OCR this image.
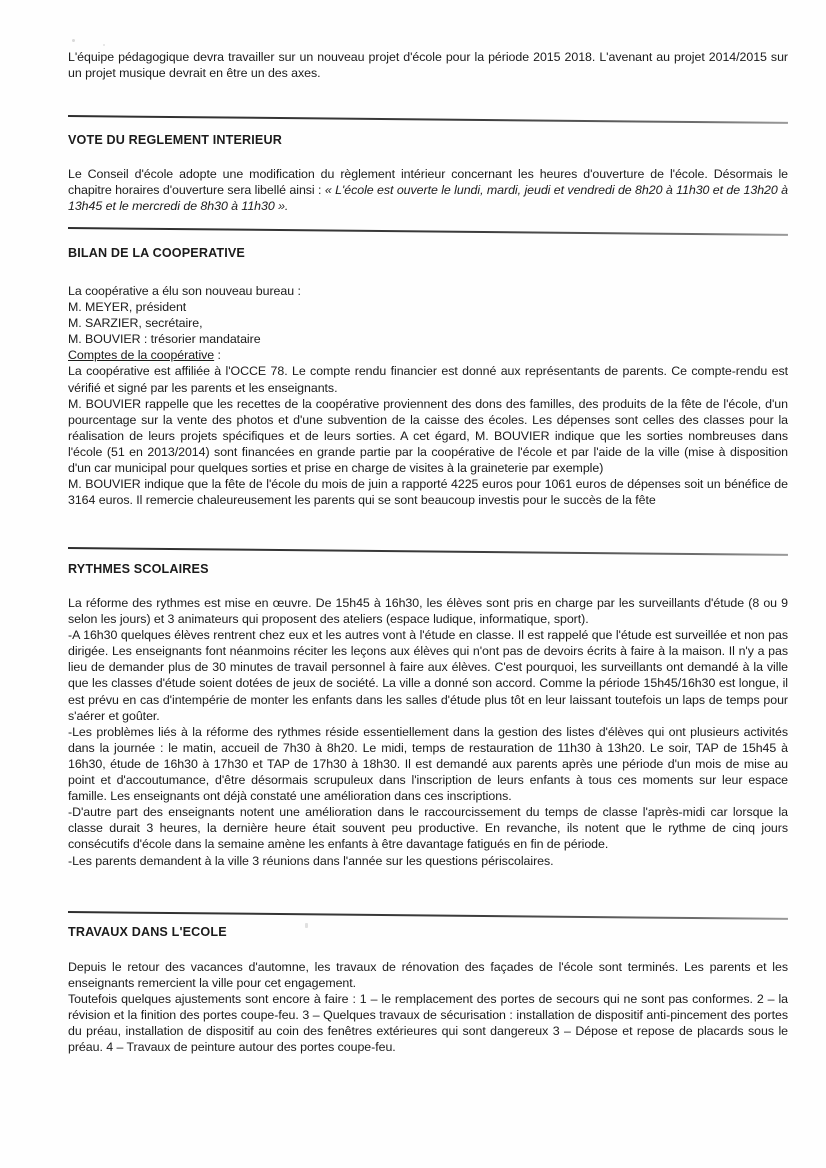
L'équipe pédagogique devra travailler sur un nouveau projet d'école pour la période 2015 2018. L'avenant au projet 2014/2015 sur un projet musique devrait en être un des axes.

VOTE DU REGLEMENT INTERIEUR

Le Conseil d'école adopte une modification du règlement intérieur concernant les heures d'ouverture de l'école. Désormais le chapitre horaires d'ouverture sera libellé ainsi : « L'école est ouverte le lundi, mardi, jeudi et vendredi de 8h20 à 11h30 et de 13h20 à 13h45 et le mercredi de 8h30 à 11h30 ».

BILAN DE LA COOPERATIVE

La coopérative a élu son nouveau bureau :

M. MEYER, président

M. SARZIER, secrétaire,

M. BOUVIER : trésorier mandataire

Comptes de la coopérative :

La coopérative est affiliée à l'OCCE 78. Le compte rendu financier est donné aux représentants de parents. Ce compte-rendu est vérifié et signé par les parents et les enseignants.

M. BOUVIER rappelle que les recettes de la coopérative proviennent des dons des familles, des produits de la fête de l'école, d'un pourcentage sur la vente des photos et d'une subvention de la caisse des écoles. Les dépenses sont celles des classes pour la réalisation de leurs projets spécifiques et de leurs sorties. A cet égard, M. BOUVIER indique que les sorties nombreuses dans l'école (51 en 2013/2014) sont financées en grande partie par la coopérative de l'école et par l'aide de la ville (mise à disposition d'un car municipal pour quelques sorties et prise en charge de visites à la graineterie par exemple)

M. BOUVIER indique que la fête de l'école du mois de juin a rapporté 4225 euros pour 1061 euros de dépenses soit un bénéfice de 3164 euros. Il remercie chaleureusement les parents qui se sont beaucoup investis pour le succès de la fête

RYTHMES SCOLAIRES

La réforme des rythmes est mise en œuvre. De 15h45 à 16h30, les élèves sont pris en charge par les surveillants d'étude (8 ou 9 selon les jours) et 3 animateurs qui proposent des ateliers (espace ludique, informatique, sport).

-A 16h30 quelques élèves rentrent chez eux et les autres vont à l'étude en classe. Il est rappelé que l'étude est surveillée et non pas dirigée. Les enseignants font néanmoins réciter les leçons aux élèves qui n'ont pas de devoirs écrits à faire à la maison. Il n'y a pas lieu de demander plus de 30 minutes de travail personnel à faire aux élèves. C'est pourquoi, les surveillants ont demandé à la ville que les classes d'étude soient dotées de jeux de société. La ville a donné son accord. Comme la période 15h45/16h30 est longue, il est prévu en cas d'intempérie de monter les enfants dans les salles d'étude plus tôt en leur laissant toutefois un laps de temps pour s'aérer et goûter.

-Les problèmes liés à la réforme des rythmes réside essentiellement dans la gestion des listes d'élèves qui ont plusieurs activités dans la journée : le matin, accueil de 7h30 à 8h20. Le midi, temps de restauration de 11h30 à 13h20. Le soir, TAP de 15h45 à 16h30, étude de 16h30 à 17h30 et TAP de 17h30 à 18h30. Il est demandé aux parents après une période d'un mois de mise au point et d'accoutumance, d'être désormais scrupuleux dans l'inscription de leurs enfants à tous ces moments sur leur espace famille. Les enseignants ont déjà constaté une amélioration dans ces inscriptions.

-D'autre part des enseignants notent une amélioration dans le raccourcissement du temps de classe l'après-midi car lorsque la classe durait 3 heures, la dernière heure était souvent peu productive. En revanche, ils notent que le rythme de cinq jours consécutifs d'école dans la semaine amène les enfants à être davantage fatigués en fin de période.

-Les parents demandent à la ville 3 réunions dans l'année sur les questions périscolaires.

TRAVAUX DANS L'ECOLE

Depuis le retour des vacances d'automne, les travaux de rénovation des façades de l'école sont terminés. Les parents et les enseignants remercient la ville pour cet engagement.

Toutefois quelques ajustements sont encore à faire : 1 – le remplacement des portes de secours qui ne sont pas conformes. 2 – la révision et la finition des portes coupe-feu. 3 – Quelques travaux de sécurisation : installation de dispositif anti-pincement des portes du préau, installation de dispositif au coin des fenêtres extérieures qui sont dangereux 3 – Dépose et repose de placards sous le préau. 4 – Travaux de peinture autour des portes coupe-feu.
